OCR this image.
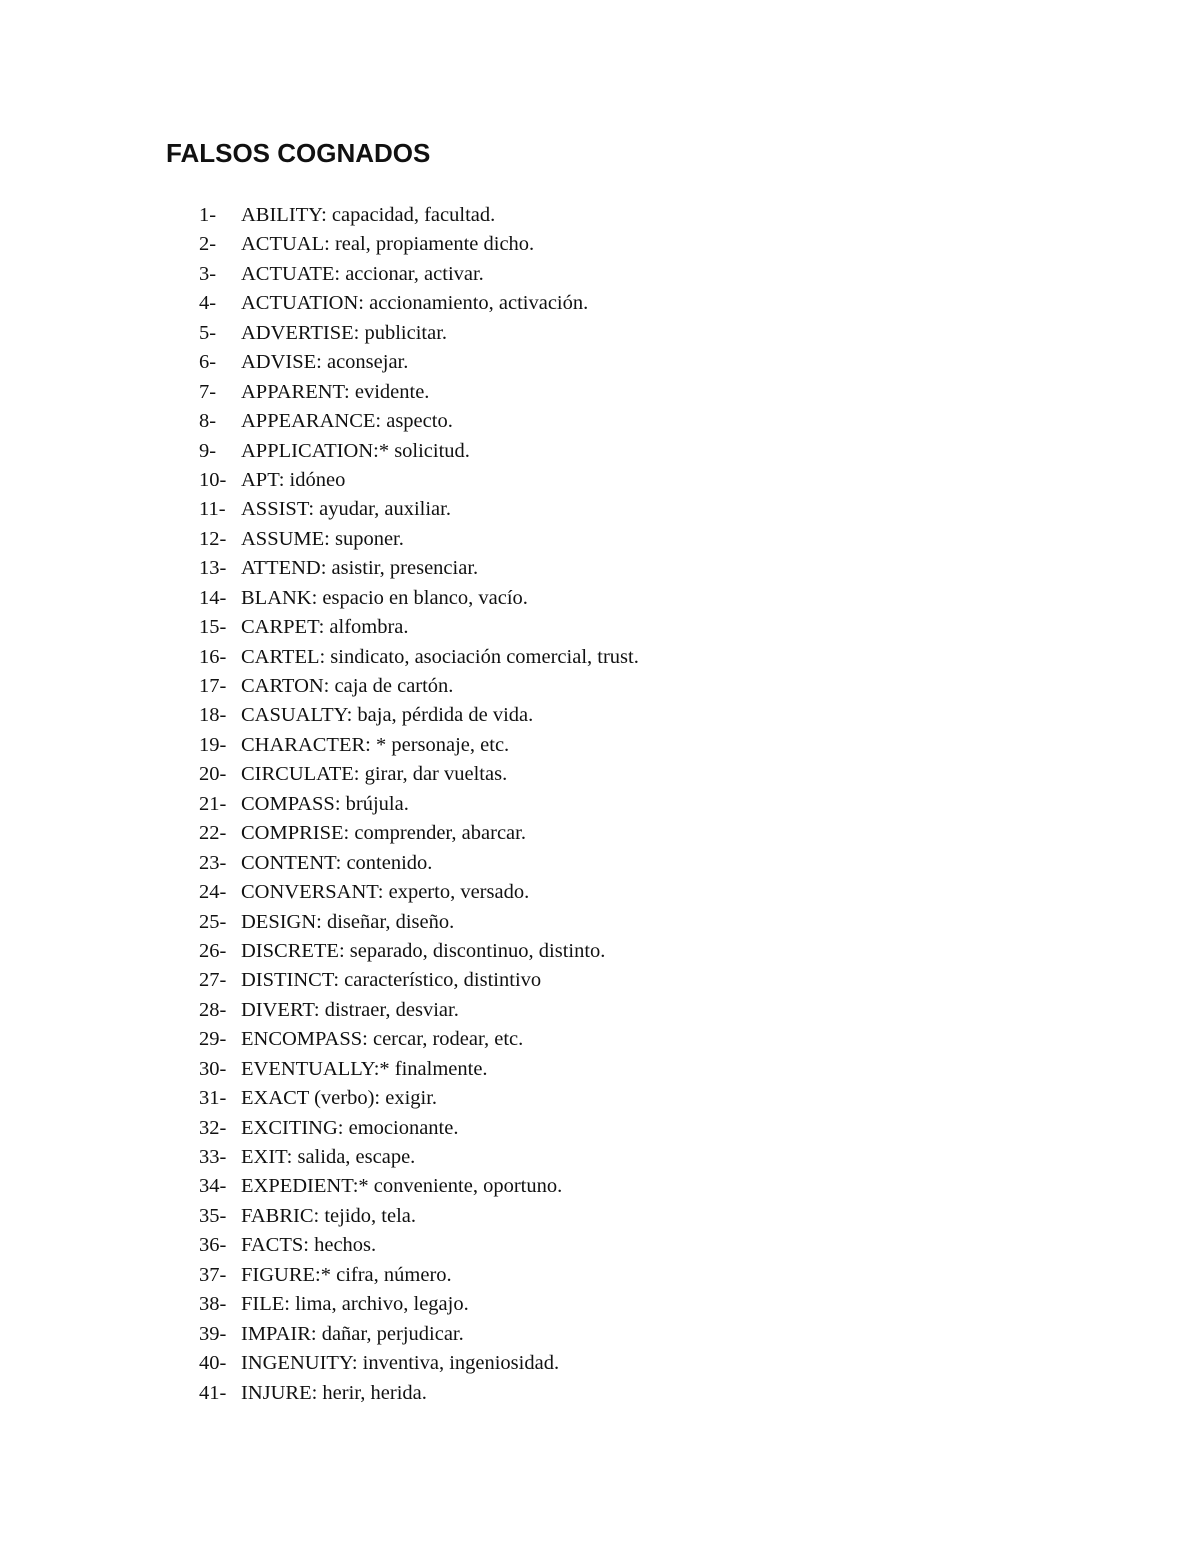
FALSOS COGNADOS
1- ABILITY: capacidad, facultad.
2- ACTUAL: real, propiamente dicho.
3- ACTUATE: accionar, activar.
4- ACTUATION: accionamiento, activación.
5- ADVERTISE: publicitar.
6- ADVISE: aconsejar.
7- APPARENT: evidente.
8- APPEARANCE: aspecto.
9- APPLICATION:* solicitud.
10- APT: idóneo
11- ASSIST: ayudar, auxiliar.
12- ASSUME: suponer.
13- ATTEND: asistir, presenciar.
14- BLANK: espacio en blanco, vacío.
15- CARPET: alfombra.
16- CARTEL: sindicato, asociación comercial, trust.
17- CARTON: caja de cartón.
18- CASUALTY: baja, pérdida de vida.
19- CHARACTER: * personaje, etc.
20- CIRCULATE: girar, dar vueltas.
21- COMPASS: brújula.
22- COMPRISE: comprender, abarcar.
23- CONTENT: contenido.
24- CONVERSANT: experto, versado.
25- DESIGN: diseñar, diseño.
26- DISCRETE: separado, discontinuo, distinto.
27- DISTINCT: característico, distintivo
28- DIVERT: distraer, desviar.
29- ENCOMPASS: cercar, rodear, etc.
30- EVENTUALLY:* finalmente.
31- EXACT (verbo): exigir.
32- EXCITING: emocionante.
33- EXIT: salida, escape.
34- EXPEDIENT:* conveniente, oportuno.
35- FABRIC: tejido, tela.
36- FACTS: hechos.
37- FIGURE:* cifra, número.
38- FILE: lima, archivo, legajo.
39- IMPAIR: dañar, perjudicar.
40- INGENUITY: inventiva, ingeniosidad.
41- INJURE: herir, herida.
